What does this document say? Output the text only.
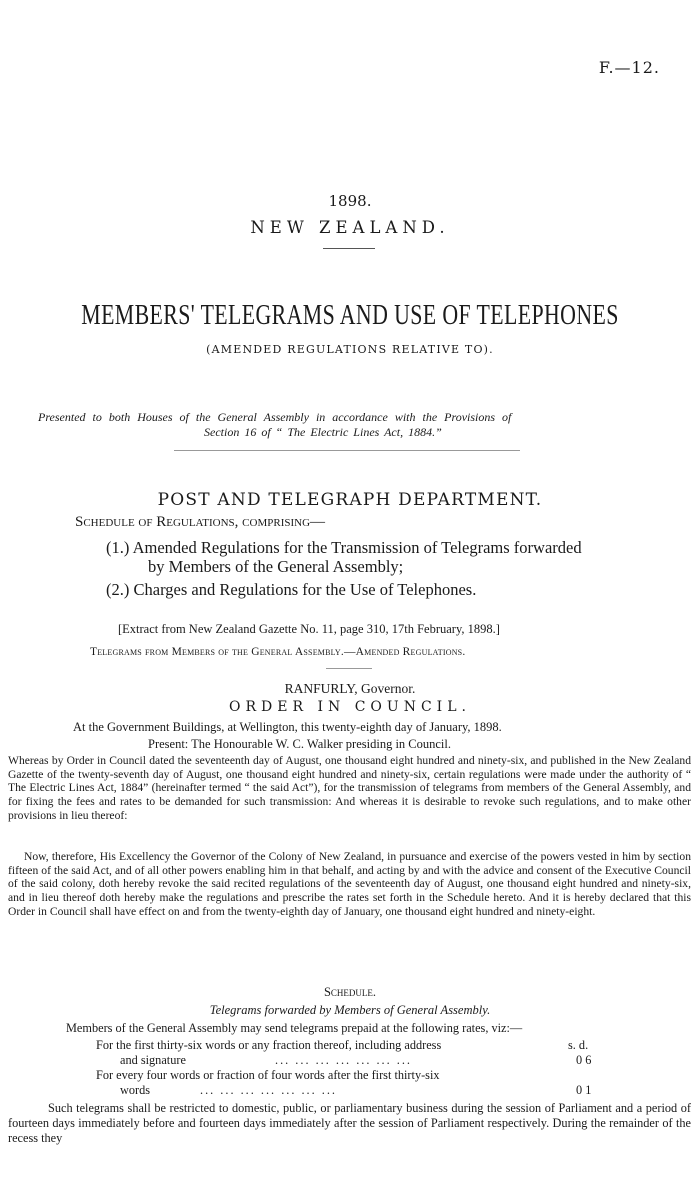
F.—12.
1898.
NEW ZEALAND.
MEMBERS' TELEGRAMS AND USE OF TELEPHONES
(AMENDED REGULATIONS RELATIVE TO).
Presented to both Houses of the General Assembly in accordance with the Provisions of
Section 16 of “ The Electric Lines Act, 1884.”
POST AND TELEGRAPH DEPARTMENT.
Schedule of Regulations, comprising—
(1.) Amended Regulations for the Transmission of Telegrams forwarded
by Members of the General Assembly;
(2.) Charges and Regulations for the Use of Telephones.
[Extract from New Zealand Gazette No. 11, page 310, 17th February, 1898.]
Telegrams from Members of the General Assembly.—Amended Regulations.
RANFURLY, Governor.
ORDER IN COUNCIL.
At the Government Buildings, at Wellington, this twenty-eighth day of January, 1898.
Present: The Honourable W. C. Walker presiding in Council.
Whereas by Order in Council dated the seventeenth day of August, one thousand eight hundred and ninety-six, and published in the New Zealand Gazette of the twenty-seventh day of August, one thousand eight hundred and ninety-six, certain regulations were made under the authority of “ The Electric Lines Act, 1884” (hereinafter termed “ the said Act”), for the transmission of telegrams from members of the General Assembly, and for fixing the fees and rates to be demanded for such transmission: And whereas it is desirable to revoke such regulations, and to make other provisions in lieu thereof:
Now, therefore, His Excellency the Governor of the Colony of New Zealand, in pursuance and exercise of the powers vested in him by section fifteen of the said Act, and of all other powers enabling him in that behalf, and acting by and with the advice and consent of the Executive Council of the said colony, doth hereby revoke the said recited regulations of the seventeenth day of August, one thousand eight hundred and ninety-six, and in lieu thereof doth hereby make the regulations and prescribe the rates set forth in the Schedule hereto. And it is hereby declared that this Order in Council shall have effect on and from the twenty-eighth day of January, one thousand eight hundred and ninety-eight.
Schedule.
Telegrams forwarded by Members of General Assembly.
Members of the General Assembly may send telegrams prepaid at the following rates, viz:—
For the first thirty-six words or any fraction thereof, including address	s. d.
and signature	... ... ... ... ... ... ...	0 6
For every four words or fraction of four words after the first thirty-six
words	... ... ... ... ... ... ...	0 1
Such telegrams shall be restricted to domestic, public, or parliamentary business during the session of Parliament and a period of fourteen days immediately before and fourteen days immediately after the session of Parliament respectively. During the remainder of the recess they
